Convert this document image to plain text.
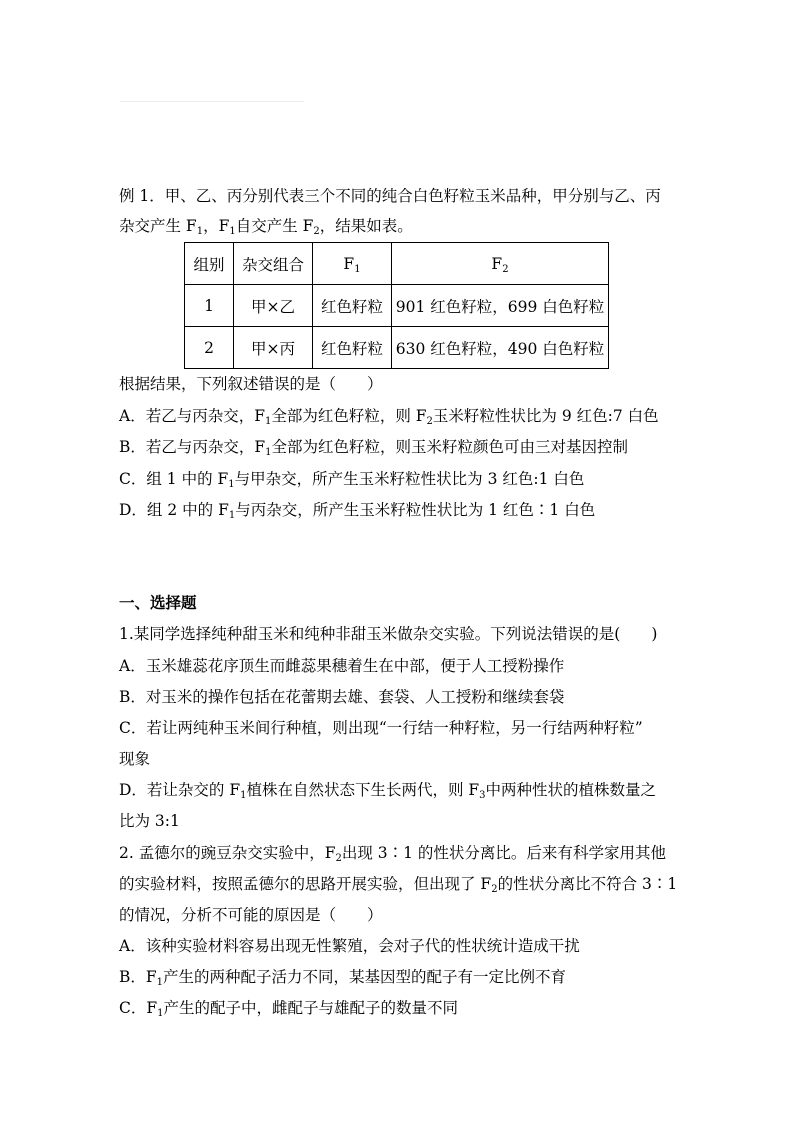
例 1．甲、乙、丙分别代表三个不同的纯合白色籽粒玉米品种，甲分别与乙、丙
杂交产生 $F_1$，$F_1$自交产生 $F_2$，结果如表。
组别	杂交组合	$F_1$	$F_2$
1	甲×乙	红色籽粒	901 红色籽粒，699 白色籽粒
2	甲×丙	红色籽粒	630 红色籽粒，490 白色籽粒
根据结果，下列叙述错误的是（　　）
A．若乙与丙杂交，$F_1$全部为红色籽粒，则 $F_2$玉米籽粒性状比为 9 红色:7 白色
B．若乙与丙杂交，$F_1$全部为红色籽粒，则玉米籽粒颜色可由三对基因控制
C．组 1 中的 $F_1$与甲杂交，所产生玉米籽粒性状比为 3 红色:1 白色
D．组 2 中的 $F_1$与丙杂交，所产生玉米籽粒性状比为 1 红色∶1 白色
一、选择题
1.某同学选择纯种甜玉米和纯种非甜玉米做杂交实验。下列说法错误的是(　　)
A．玉米雄蕊花序顶生而雌蕊果穗着生在中部，便于人工授粉操作
B．对玉米的操作包括在花蕾期去雄、套袋、人工授粉和继续套袋
C．若让两纯种玉米间行种植，则出现“一行结一种籽粒，另一行结两种籽粒”
现象
D．若让杂交的 $F_1$植株在自然状态下生长两代，则 $F_3$中两种性状的植株数量之
比为 3:1
2. 孟德尔的豌豆杂交实验中，$F_2$出现 3∶1 的性状分离比。后来有科学家用其他
的实验材料，按照孟德尔的思路开展实验，但出现了 $F_2$的性状分离比不符合 3∶1
的情况，分析不可能的原因是（　　）
A．该种实验材料容易出现无性繁殖，会对子代的性状统计造成干扰
B．$F_1$产生的两种配子活力不同，某基因型的配子有一定比例不育
C．$F_1$产生的配子中，雌配子与雄配子的数量不同
